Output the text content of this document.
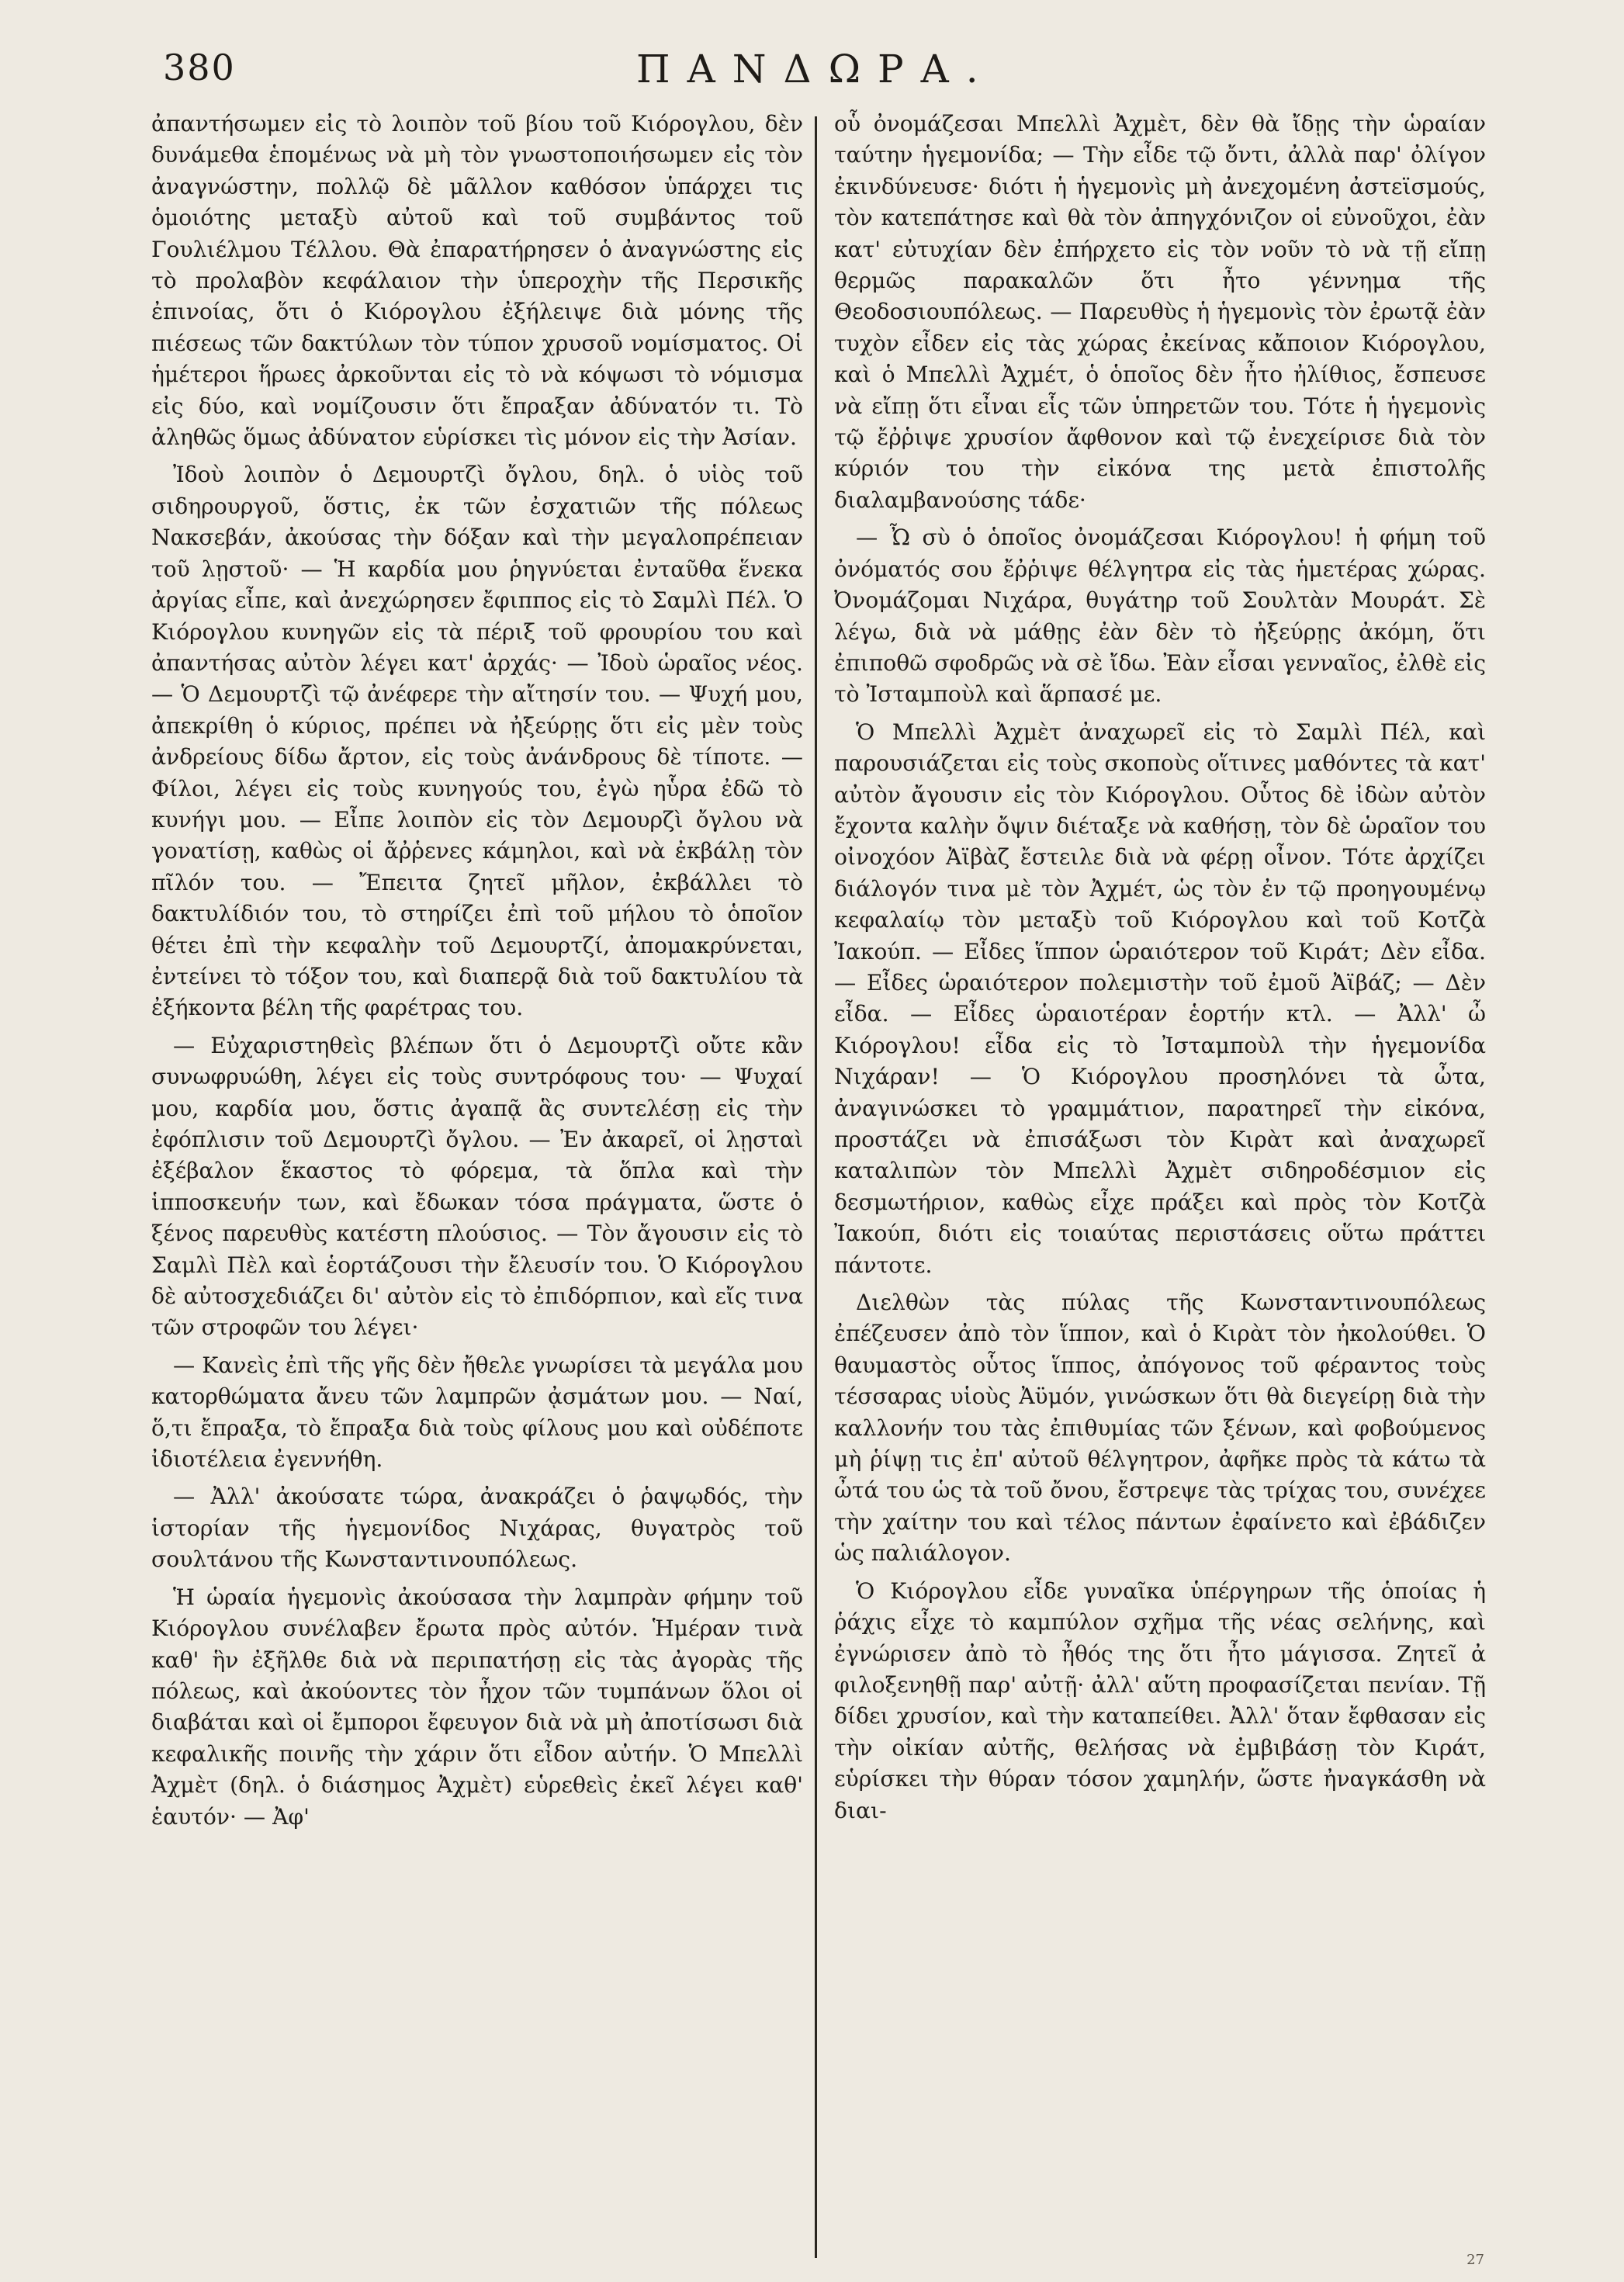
380	ΠΑΝΔΩΡΑ.

ἀπαντήσωμεν εἰς τὸ λοιπὸν τοῦ βίου τοῦ Κιόρογλου, δὲν δυνάμεθα ἑπομένως νὰ μὴ τὸν γνωστοποιήσωμεν εἰς τὸν ἀναγνώστην, πολλῷ δὲ μᾶλλον καθόσον ὑπάρχει τις ὁμοιότης μεταξὺ αὐτοῦ καὶ τοῦ συμβάντος τοῦ Γουλιέλμου Τέλλου. Θὰ ἐπαρατήρησεν ὁ ἀναγνώστης εἰς τὸ προλαβὸν κεφάλαιον τὴν ὑπεροχὴν τῆς Περσικῆς ἐπινοίας, ὅτι ὁ Κιόρογλου ἐξήλειψε διὰ μόνης τῆς πιέσεως τῶν δακτύλων τὸν τύπον χρυσοῦ νομίσματος. Οἱ ἡμέτεροι ἥρωες ἀρκοῦνται εἰς τὸ νὰ κόψωσι τὸ νόμισμα εἰς δύο, καὶ νομίζουσιν ὅτι ἔπραξαν ἀδύνατόν τι. Τὸ ἀληθῶς ὅμως ἀδύνατον εὑρίσκει τὶς μόνον εἰς τὴν Ἀσίαν.

Ἰδοὺ λοιπὸν ὁ Δεμουρτζὶ ὄγλου, δηλ. ὁ υἱὸς τοῦ σιδηρουργοῦ, ὅστις, ἐκ τῶν ἐσχατιῶν τῆς πόλεως Νακσεβάν, ἀκούσας τὴν δόξαν καὶ τὴν μεγαλοπρέπειαν τοῦ λῃστοῦ· — Ἡ καρδία μου ῥηγνύεται ἐνταῦθα ἕνεκα ἀργίας εἶπε, καὶ ἀνεχώρησεν ἔφιππος εἰς τὸ Σαμλὶ Πέλ. Ὁ Κιόρογλου κυνηγῶν εἰς τὰ πέριξ τοῦ φρουρίου του καὶ ἀπαντήσας αὐτὸν λέγει κατ' ἀρχάς· — Ἰδοὺ ὡραῖος νέος. — Ὁ Δεμουρτζὶ τῷ ἀνέφερε τὴν αἴτησίν του. — Ψυχή μου, ἀπεκρίθη ὁ κύριος, πρέπει νὰ ἠξεύρῃς ὅτι εἰς μὲν τοὺς ἀνδρείους δίδω ἄρτον, εἰς τοὺς ἀνάνδρους δὲ τίποτε. — Φίλοι, λέγει εἰς τοὺς κυνηγούς του, ἐγὼ ηὗρα ἐδῶ τὸ κυνήγι μου. — Εἶπε λοιπὸν εἰς τὸν Δεμουρζὶ ὄγλου νὰ γονατίσῃ, καθὼς οἱ ἄῤῥενες κάμηλοι, καὶ νὰ ἐκβάλῃ τὸν πῖλόν του. — Ἔπειτα ζητεῖ μῆλον, ἐκβάλλει τὸ δακτυλίδιόν του, τὸ στηρίζει ἐπὶ τοῦ μήλου τὸ ὁποῖον θέτει ἐπὶ τὴν κεφαλὴν τοῦ Δεμουρτζί, ἀπομακρύνεται, ἐντείνει τὸ τόξον του, καὶ διαπερᾷ διὰ τοῦ δακτυλίου τὰ ἐξήκοντα βέλη τῆς φαρέτρας του.

— Εὐχαριστηθεὶς βλέπων ὅτι ὁ Δεμουρτζὶ οὔτε κἂν συνωφρυώθη, λέγει εἰς τοὺς συντρόφους του· — Ψυχαί μου, καρδία μου, ὅστις ἀγαπᾷ ἃς συντελέσῃ εἰς τὴν ἐφόπλισιν τοῦ Δεμουρτζὶ ὄγλου. — Ἐν ἀκαρεῖ, οἱ λῃσταὶ ἐξέβαλον ἕκαστος τὸ φόρεμα, τὰ ὅπλα καὶ τὴν ἱπποσκευήν των, καὶ ἔδωκαν τόσα πράγματα, ὥστε ὁ ξένος παρευθὺς κατέστη πλούσιος. — Τὸν ἄγουσιν εἰς τὸ Σαμλὶ Πὲλ καὶ ἑορτάζουσι τὴν ἔλευσίν του. Ὁ Κιόρογλου δὲ αὐτοσχεδιάζει δι' αὐτὸν εἰς τὸ ἐπιδόρπιον, καὶ εἴς τινα τῶν στροφῶν του λέγει·

— Κανεὶς ἐπὶ τῆς γῆς δὲν ἤθελε γνωρίσει τὰ μεγάλα μου κατορθώματα ἄνευ τῶν λαμπρῶν ᾀσμάτων μου. — Ναί, ὅ,τι ἔπραξα, τὸ ἔπραξα διὰ τοὺς φίλους μου καὶ οὐδέποτε ἰδιοτέλεια ἐγεννήθη.

— Ἀλλ' ἀκούσατε τώρα, ἀνακράζει ὁ ῥαψῳδός, τὴν ἱστορίαν τῆς ἡγεμονίδος Νιχάρας, θυγατρὸς τοῦ σουλτάνου τῆς Κωνσταντινουπόλεως.

Ἡ ὡραία ἡγεμονὶς ἀκούσασα τὴν λαμπρὰν φήμην τοῦ Κιόρογλου συνέλαβεν ἔρωτα πρὸς αὐτόν. Ἡμέραν τινὰ καθ' ἣν ἐξῆλθε διὰ νὰ περιπατήσῃ εἰς τὰς ἀγορὰς τῆς πόλεως, καὶ ἀκούοντες τὸν ἦχον τῶν τυμπάνων ὅλοι οἱ διαβάται καὶ οἱ ἔμποροι ἔφευγον διὰ νὰ μὴ ἀποτίσωσι διὰ κεφαλικῆς ποινῆς τὴν χάριν ὅτι εἶδον αὐτήν. Ὁ Μπελλὶ Ἀχμὲτ (δηλ. ὁ διάσημος Ἀχμὲτ) εὑρεθεὶς ἐκεῖ λέγει καθ' ἑαυτόν· — Ἀφ'

οὗ ὀνομάζεσαι Μπελλὶ Ἀχμὲτ, δὲν θὰ ἴδῃς τὴν ὡραίαν ταύτην ἡγεμονίδα; — Τὴν εἶδε τῷ ὄντι, ἀλλὰ παρ' ὀλίγον ἐκινδύνευσε· διότι ἡ ἡγεμονὶς μὴ ἀνεχομένη ἀστεϊσμούς, τὸν κατεπάτησε καὶ θὰ τὸν ἀπηγχόνιζον οἱ εὐνοῦχοι, ἐὰν κατ' εὐτυχίαν δὲν ἐπήρχετο εἰς τὸν νοῦν τὸ νὰ τῇ εἴπῃ θερμῶς παρακαλῶν ὅτι ἦτο γέννημα τῆς Θεοδοσιουπόλεως. — Παρευθὺς ἡ ἡγεμονὶς τὸν ἐρωτᾷ ἐὰν τυχὸν εἶδεν εἰς τὰς χώρας ἐκείνας κἄποιον Κιόρογλου, καὶ ὁ Μπελλὶ Ἀχμέτ, ὁ ὁποῖος δὲν ἦτο ἠλίθιος, ἔσπευσε νὰ εἴπῃ ὅτι εἶναι εἷς τῶν ὑπηρετῶν του. Τότε ἡ ἡγεμονὶς τῷ ἔῤῥιψε χρυσίον ἄφθονον καὶ τῷ ἐνεχείρισε διὰ τὸν κύριόν του τὴν εἰκόνα της μετὰ ἐπιστολῆς διαλαμβανούσης τάδε·

— Ὦ σὺ ὁ ὁποῖος ὀνομάζεσαι Κιόρογλου! ἡ φήμη τοῦ ὀνόματός σου ἔῤῥιψε θέλγητρα εἰς τὰς ἡμετέρας χώρας. Ὀνομάζομαι Νιχάρα, θυγάτηρ τοῦ Σουλτὰν Μουράτ. Σὲ λέγω, διὰ νὰ μάθῃς ἐὰν δὲν τὸ ἠξεύρῃς ἀκόμη, ὅτι ἐπιποθῶ σφοδρῶς νὰ σὲ ἴδω. Ἐὰν εἶσαι γενναῖος, ἐλθὲ εἰς τὸ Ἰσταμποὺλ καὶ ἅρπασέ με.

Ὁ Μπελλὶ Ἀχμὲτ ἀναχωρεῖ εἰς τὸ Σαμλὶ Πέλ, καὶ παρουσιάζεται εἰς τοὺς σκοποὺς οἵτινες μαθόντες τὰ κατ' αὐτὸν ἄγουσιν εἰς τὸν Κιόρογλου. Οὗτος δὲ ἰδὼν αὐτὸν ἔχοντα καλὴν ὄψιν διέταξε νὰ καθήσῃ, τὸν δὲ ὡραῖον του οἰνοχόον Ἀϊβὰζ ἔστειλε διὰ νὰ φέρῃ οἶνον. Τότε ἀρχίζει διάλογόν τινα μὲ τὸν Ἀχμέτ, ὡς τὸν ἐν τῷ προηγουμένῳ κεφαλαίῳ τὸν μεταξὺ τοῦ Κιόρογλου καὶ τοῦ Κοτζὰ Ἰακούπ. — Εἶδες ἵππον ὡραιότερον τοῦ Κιράτ; Δὲν εἶδα. — Εἶδες ὡραιότερον πολεμιστὴν τοῦ ἐμοῦ Ἀϊβάζ; — Δὲν εἶδα. — Εἶδες ὡραιοτέραν ἑορτήν κτλ. — Ἀλλ' ὦ Κιόρογλου! εἶδα εἰς τὸ Ἰσταμποὺλ τὴν ἡγεμονίδα Νιχάραν! — Ὁ Κιόρογλου προσηλόνει τὰ ὦτα, ἀναγινώσκει τὸ γραμμάτιον, παρατηρεῖ τὴν εἰκόνα, προστάζει νὰ ἐπισάξωσι τὸν Κιρὰτ καὶ ἀναχωρεῖ καταλιπὼν τὸν Μπελλὶ Ἀχμὲτ σιδηροδέσμιον εἰς δεσμωτήριον, καθὼς εἶχε πράξει καὶ πρὸς τὸν Κοτζὰ Ἰακούπ, διότι εἰς τοιαύτας περιστάσεις οὕτω πράττει πάντοτε.

Διελθὼν τὰς πύλας τῆς Κωνσταντινουπόλεως ἐπέζευσεν ἀπὸ τὸν ἵππον, καὶ ὁ Κιρὰτ τὸν ἠκολούθει. Ὁ θαυμαστὸς οὗτος ἵππος, ἀπόγονος τοῦ φέραντος τοὺς τέσσαρας υἱοὺς Ἀϋμόν, γινώσκων ὅτι θὰ διεγείρῃ διὰ τὴν καλλονήν του τὰς ἐπιθυμίας τῶν ξένων, καὶ φοβούμενος μὴ ῥίψῃ τις ἐπ' αὐτοῦ θέλγητρον, ἀφῆκε πρὸς τὰ κάτω τὰ ὦτά του ὡς τὰ τοῦ ὄνου, ἔστρεψε τὰς τρίχας του, συνέχεε τὴν χαίτην του καὶ τέλος πάντων ἐφαίνετο καὶ ἐβάδιζεν ὡς παλιάλογον.

Ὁ Κιόρογλου εἶδε γυναῖκα ὑπέργηρων τῆς ὁποίας ἡ ῥάχις εἶχε τὸ καμπύλον σχῆμα τῆς νέας σελήνης, καὶ ἐγνώρισεν ἀπὸ τὸ ἦθός της ὅτι ἦτο μάγισσα. Ζητεῖ ἀ φιλοξενηθῇ παρ' αὐτῇ· ἀλλ' αὕτη προφασίζεται πενίαν. Τῇ δίδει χρυσίον, καὶ τὴν καταπείθει. Ἀλλ' ὅταν ἔφθασαν εἰς τὴν οἰκίαν αὐτῆς, θελήσας νὰ ἐμβιβάσῃ τὸν Κιράτ, εὑρίσκει τὴν θύραν τόσον χαμηλήν, ὥστε ἠναγκάσθη νὰ διαι-

27
